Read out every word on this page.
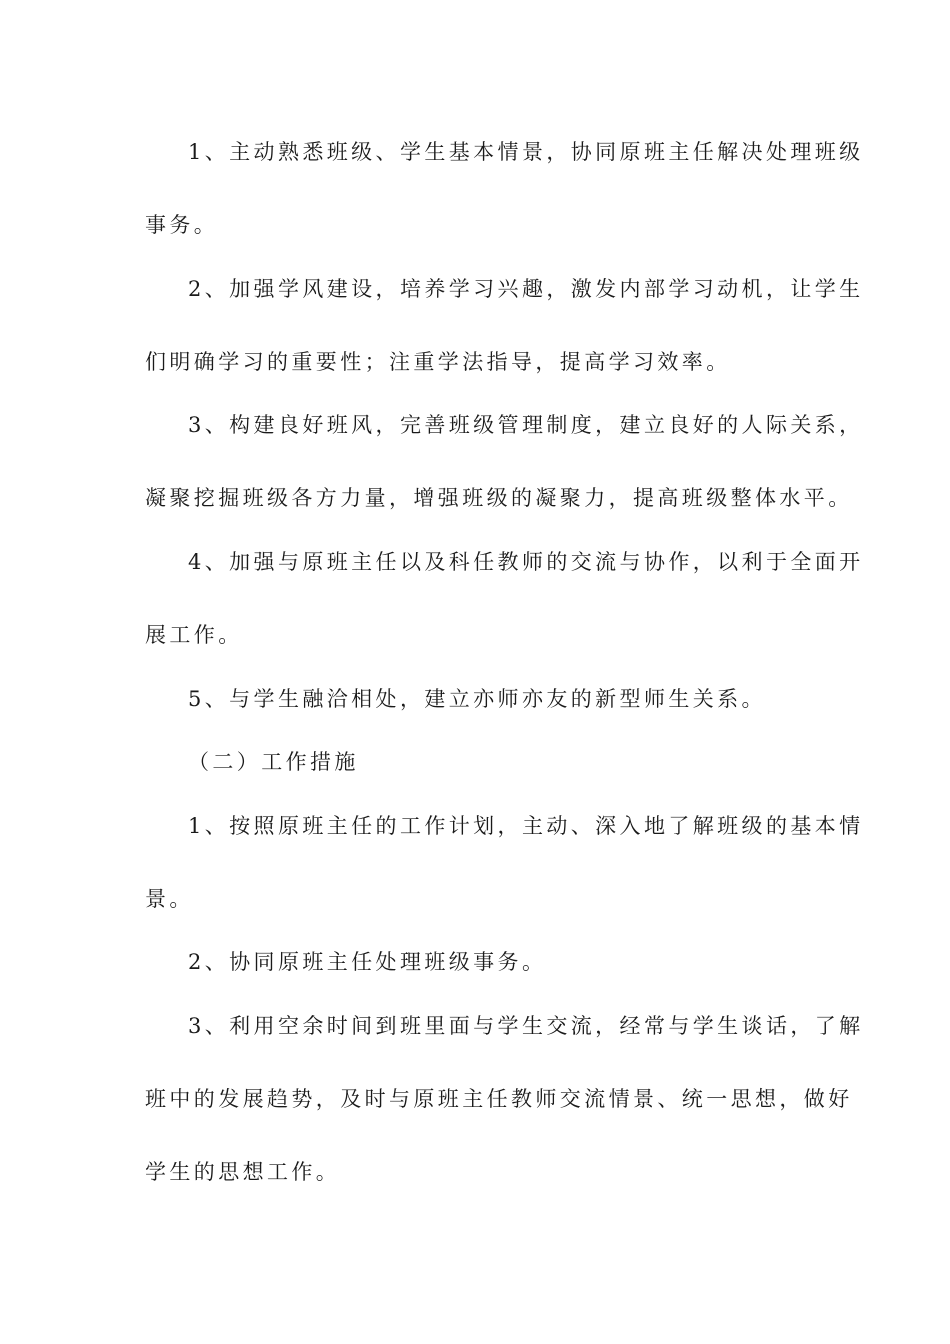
1、主动熟悉班级、学生基本情景，协同原班主任解决处理班级
事务。
2、加强学风建设，培养学习兴趣，激发内部学习动机，让学生
们明确学习的重要性；注重学法指导，提高学习效率。
3、构建良好班风，完善班级管理制度，建立良好的人际关系，
凝聚挖掘班级各方力量，增强班级的凝聚力，提高班级整体水平。
4、加强与原班主任以及科任教师的交流与协作，以利于全面开
展工作。
5、与学生融洽相处，建立亦师亦友的新型师生关系。
（二）工作措施
1、按照原班主任的工作计划，主动、深入地了解班级的基本情
景。
2、协同原班主任处理班级事务。
3、利用空余时间到班里面与学生交流，经常与学生谈话，了解
班中的发展趋势，及时与原班主任教师交流情景、统一思想，做好
学生的思想工作。
